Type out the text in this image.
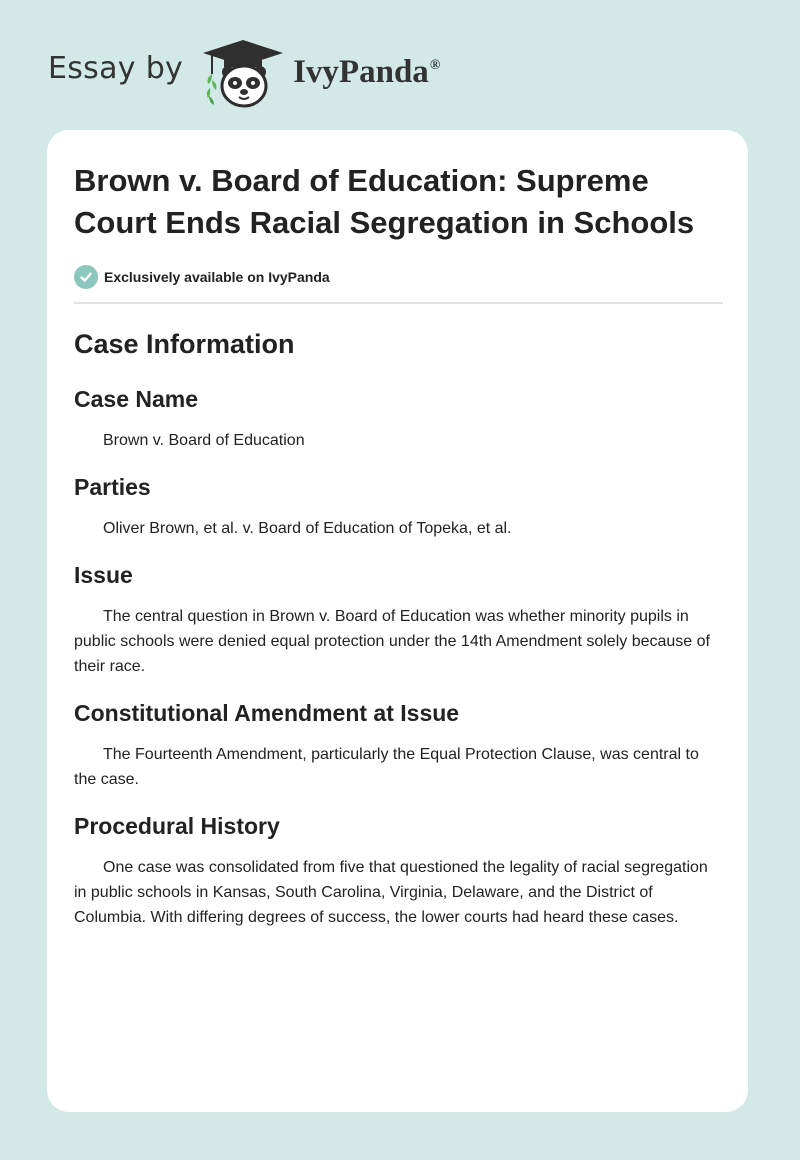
Essay by	IvyPanda®
Brown v. Board of Education: Supreme Court Ends Racial Segregation in Schools
Exclusively available on IvyPanda
Case Information
Case Name

Brown v. Board of Education

Parties

Oliver Brown, et al. v. Board of Education of Topeka, et al.

Issue

The central question in Brown v. Board of Education was whether minority pupils in public schools were denied equal protection under the 14th Amendment solely because of their race.

Constitutional Amendment at Issue

The Fourteenth Amendment, particularly the Equal Protection Clause, was central to the case.

Procedural History

One case was consolidated from five that questioned the legality of racial segregation in public schools in Kansas, South Carolina, Virginia, Delaware, and the District of Columbia. With differing degrees of success, the lower courts had heard these cases.
